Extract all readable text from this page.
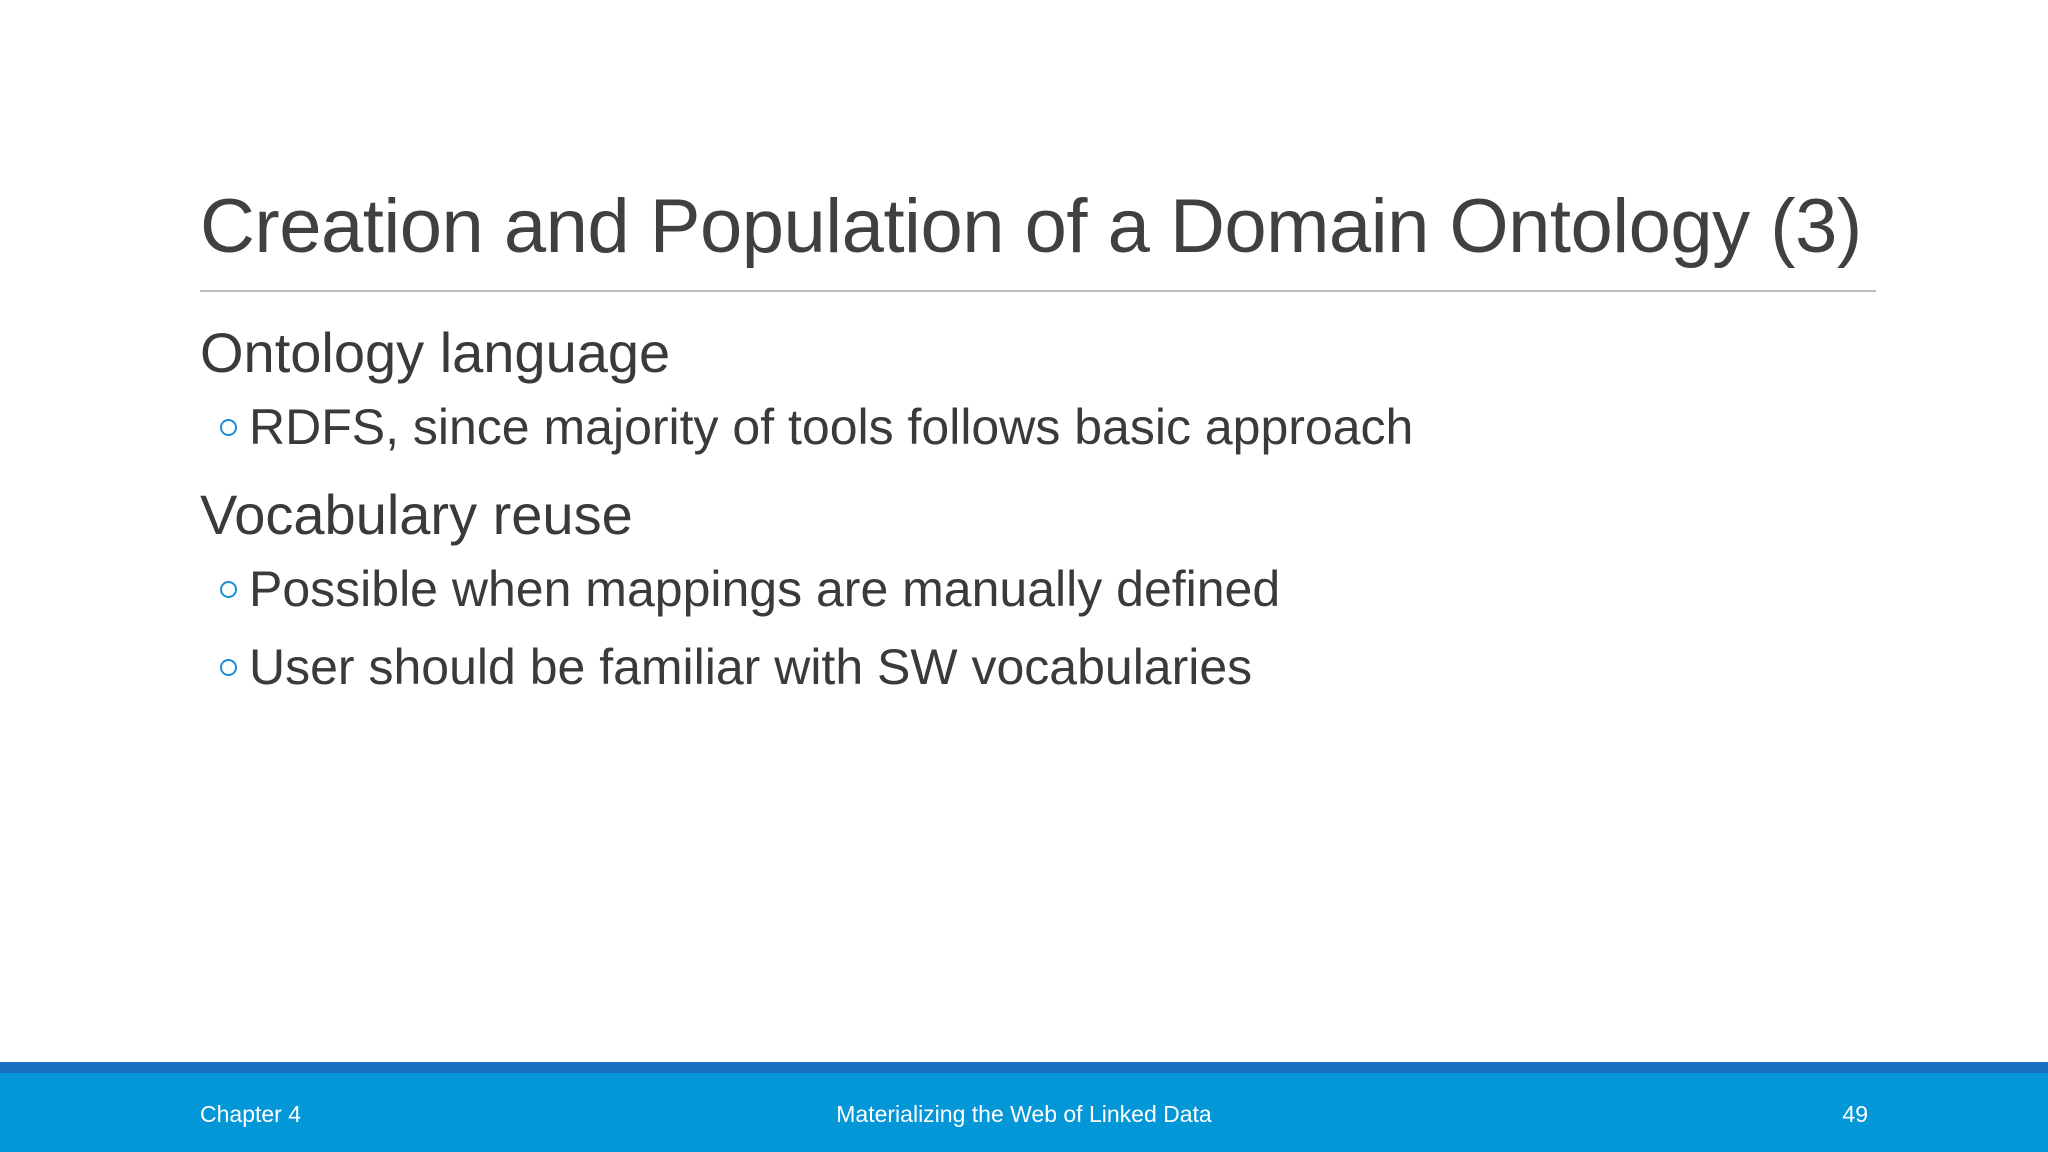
Creation and Population of a Domain Ontology (3)
Ontology language
RDFS, since majority of tools follows basic approach
Vocabulary reuse
Possible when mappings are manually defined
User should be familiar with SW vocabularies
Chapter 4	Materializing the Web of Linked Data	49
